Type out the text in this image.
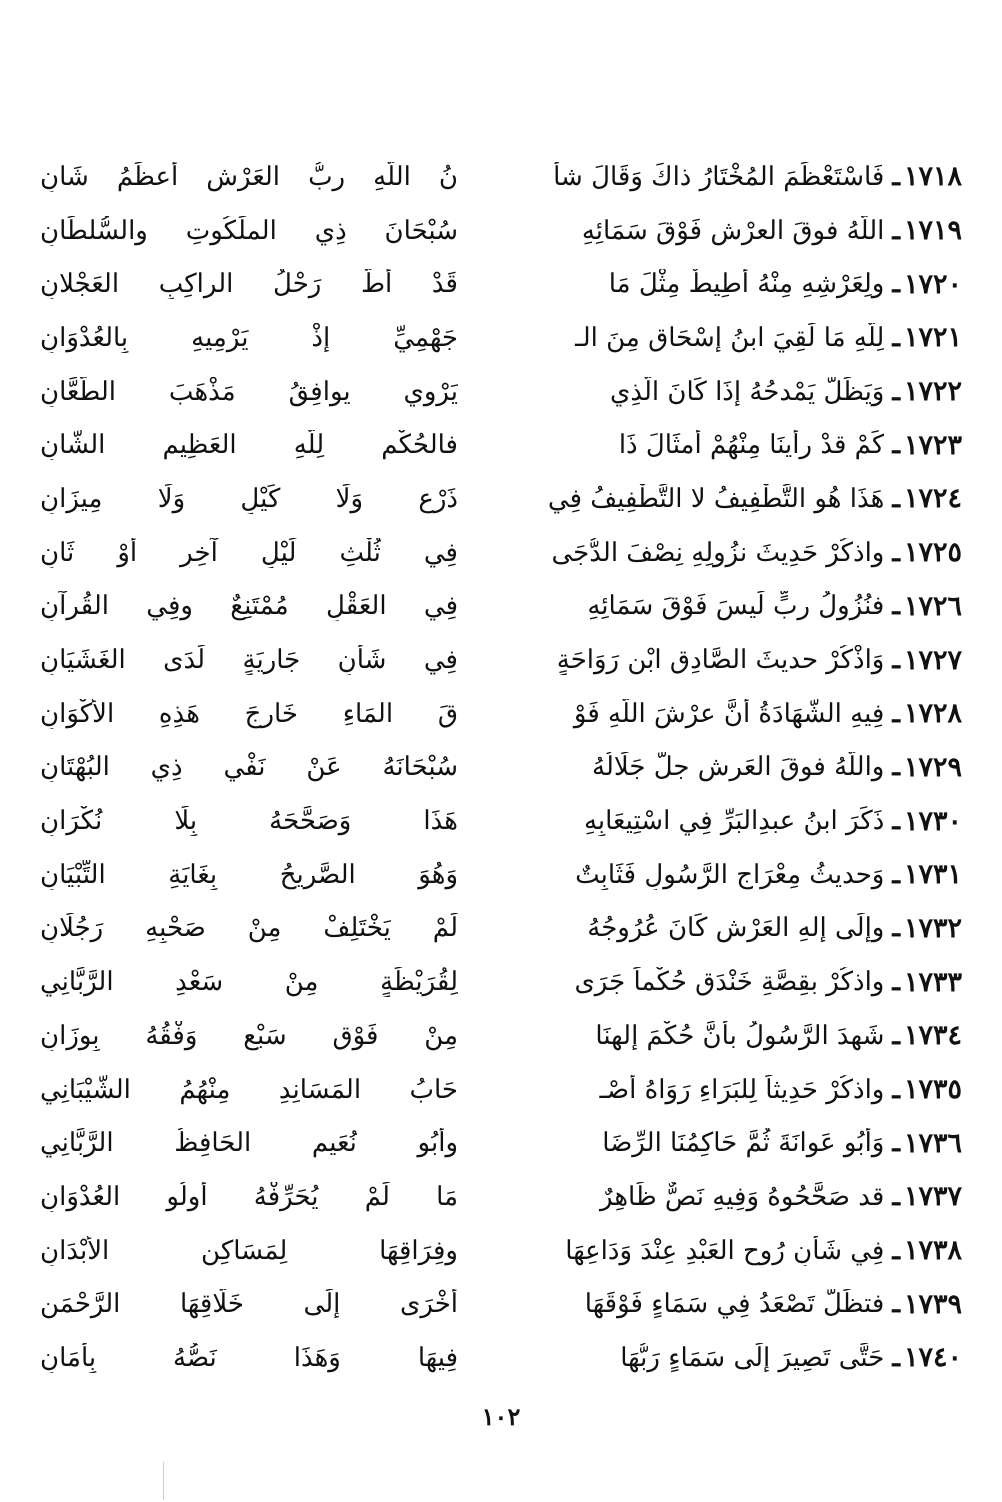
١٧١٨
ـ
فَاسْتَعْظَمَ المُخْتَارُ ذاكَ وَقَالَ شأ
نُ اللَّهِ ربُّ العَرْشِ أعظَمُ شَانِ
١٧١٩
ـ
اللَّهُ فوقَ العرْشِ فَوْقَ سَمَائِهِ
سُبْحَانَ ذِي الملَكُوتِ والسُّلطَانِ
١٧٢٠
ـ
ولِعَرْشِهِ مِنْهُ أَطِيطٌ مِثْلَ مَا
قَدْ أطَّ رَحْلُ الراكِبِ العَجْلانِ
١٧٢١
ـ
لِلَّهِ مَا لَقِيَ ابنُ إسْحَاقٍ مِنَ الـ
جَهْمِيِّ إذْ يَرْمِيهِ بِالعُدْوَانِ
١٧٢٢
ـ
وَيَظَلُّ يَمْدحُهُ إذَا كَانَ الَّذِي
يَرْوِي يوافِقُ مَذْهَبَ الطَّعَّانِ
١٧٢٣
ـ
كَمْ قدْ رأينَا مِنْهُمْ أمثَالَ ذَا
فالحُكْم لِلَّهِ العَظِيمِ الشَّانِ
١٧٢٤
ـ
هَذَا هُو التَّطْفِيفُ لا التَّطْفِيفُ فِي
ذَرْعٍ وَلَا كَيْلٍ وَلَا مِيزَانِ
١٧٢٥
ـ
واذكُرْ حَدِيثَ نزُولِهِ نِصْفَ الدُّجَى
فِي ثُلْثِ لَيْلٍ آخِرٍ أوْ ثَانِ
١٧٢٦
ـ
فنُزُولُ ربٍّ لَيسَ فَوْقَ سَمَائِهِ
فِي العَقْلِ مُمْتَنِعٌ وفِي القُرآنِ
١٧٢٧
ـ
وَاذْكُرْ حديثَ الصَّادِقِ ابْنِ رَوَاحَةٍ
فِي شَأنِ جَارِيَةٍ لَدَى الغَشَيَانِ
١٧٢٨
ـ
فِيهِ الشَّهَادَةُ أنَّ عرْشَ اللَّهِ فَوْ
قَ المَاءِ خَارِجَ هَذِهِ الأكْوَانِ
١٧٢٩
ـ
واللَّهُ فوقَ العَرشِ جلَّ جَلَالُهُ
سُبْحَانَهُ عَنْ نَفْيِ ذِي البُهْتَانِ
١٧٣٠
ـ
ذَكَرَ ابنُ عبدِالبَرِّ فِي اسْتِيعَابِهِ
هَذَا وَصَحَّحَهُ بِلَا نُكْرَانِ
١٧٣١
ـ
وَحديثُ مِعْرَاجِ الرَّسُولِ فَثَابِتٌ
وَهُوَ الصَّرِيحُ بِغَايَةِ التِّبْيَانِ
١٧٣٢
ـ
وإِلَى إلهِ العَرْشِ كَانَ عُرُوجُهُ
لَمْ يَخْتَلِفْ مِنْ صَحْبِهِ رَجُلَانِ
١٧٣٣
ـ
واذكُرْ بقِصَّةِ خَنْدَقٍ حُكْماً جَرَى
لِقُرَيْظَةٍ مِنْ سَعْدِ الرَّبَّانِي
١٧٣٤
ـ
شَهِدَ الرَّسُولُ بأنَّ حُكْمَ إلهِنَا
مِنْ فَوْقِ سَبْعٍ وَفْقُهُ بِوزَانِ
١٧٣٥
ـ
واذكُرْ حَدِيثاً لِلبَرَاءِ رَوَاهُ أصْـ
حَابُ المَسَانِدِ مِنْهُمُ الشَّيْبَانِي
١٧٣٦
ـ
وَأبُو عَوانَةَ ثُمَّ حَاكِمُنَا الرِّضَا
وأبُو نُعَيمِ الحَافِظُ الرَّبَّانِي
١٧٣٧
ـ
قد صَحَّحُوهُ وَفِيهِ نَصٌّ ظَاهِرٌ
مَا لَمْ يُحَرِّفْهُ أولُو العُدْوَانِ
١٧٣٨
ـ
فِي شَأْنِ رُوحِ العَبْدِ عِنْدَ وَدَاعِهَا
وفِرَاقِهَا لِمَسَاكِنِ الأبْدَانِ
١٧٣٩
ـ
فتظَلُّ تَصْعَدُ فِي سَمَاءٍ فَوْقَهَا
أُخْرَى إلَى خَلَّاقِهَا الرَّحْمَنِ
١٧٤٠
ـ
حَتَّى تَصِيرَ إلَى سَمَاءٍ رَبُّهَا
فِيهَا وَهَذَا نَصُّهُ بِأمَانِ
١٠٢
